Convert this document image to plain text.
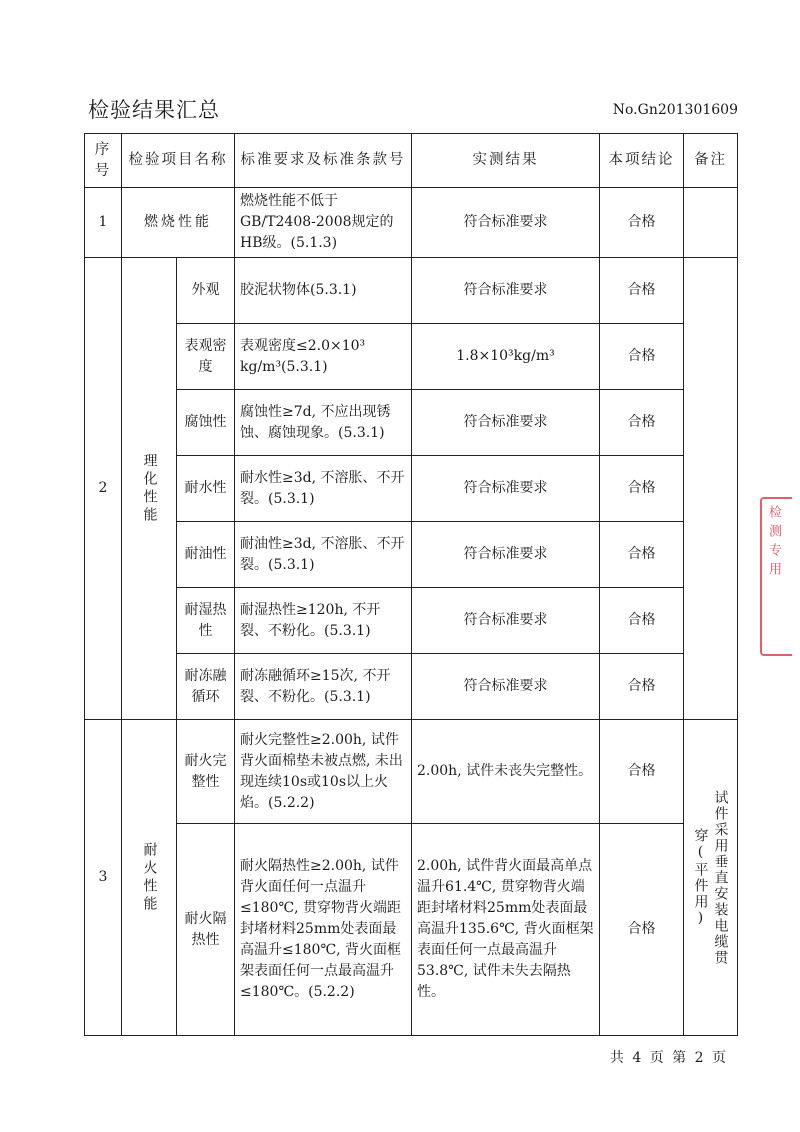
检验结果汇总	No.Gn201301609
序号	检验项目名称		标准要求及标准条款号	实测结果	本项结论	备注
1	燃烧性能		燃烧性能不低于GB/T2408-2008规定的HB级。(5.1.3)	符合标准要求	合格	
2	理化性能	外观	胶泥状物体(5.3.1)	符合标准要求	合格	
		表观密度	表观密度≤2.0×10³ kg/m³(5.3.1)	1.8×10³kg/m³	合格	
		腐蚀性	腐蚀性≥7d, 不应出现锈蚀、腐蚀现象。(5.3.1)	符合标准要求	合格	
		耐水性	耐水性≥3d, 不溶胀、不开裂。(5.3.1)	符合标准要求	合格	
		耐油性	耐油性≥3d, 不溶胀、不开裂。(5.3.1)	符合标准要求	合格	
		耐湿热性	耐湿热性≥120h, 不开裂、不粉化。(5.3.1)	符合标准要求	合格	
		耐冻融循环	耐冻融循环≥15次, 不开裂、不粉化。(5.3.1)	符合标准要求	合格	
3	耐火性能	耐火完整性	耐火完整性≥2.00h, 试件背火面棉垫未被点燃, 未出现连续10s或10s以上火焰。(5.2.2)	2.00h, 试件未丧失完整性。	合格	试件采用垂直安装电缆贯穿(平件用)

		耐火隔热性	耐火隔热性≥2.00h, 试件背火面任何一点温升≤180℃, 贯穿物背火端距封堵材料25mm处表面最高温升≤180℃, 背火面框架表面任何一点最高温升≤180℃。(5.2.2)	2.00h, 试件背火面最高单点温升61.4℃, 贯穿物背火端距封堵材料25mm处表面最高温升135.6℃, 背火面框架表面任何一点最高温升53.8℃, 试件未失去隔热性。	合格	
共 4 页 第 2 页
检测专用
